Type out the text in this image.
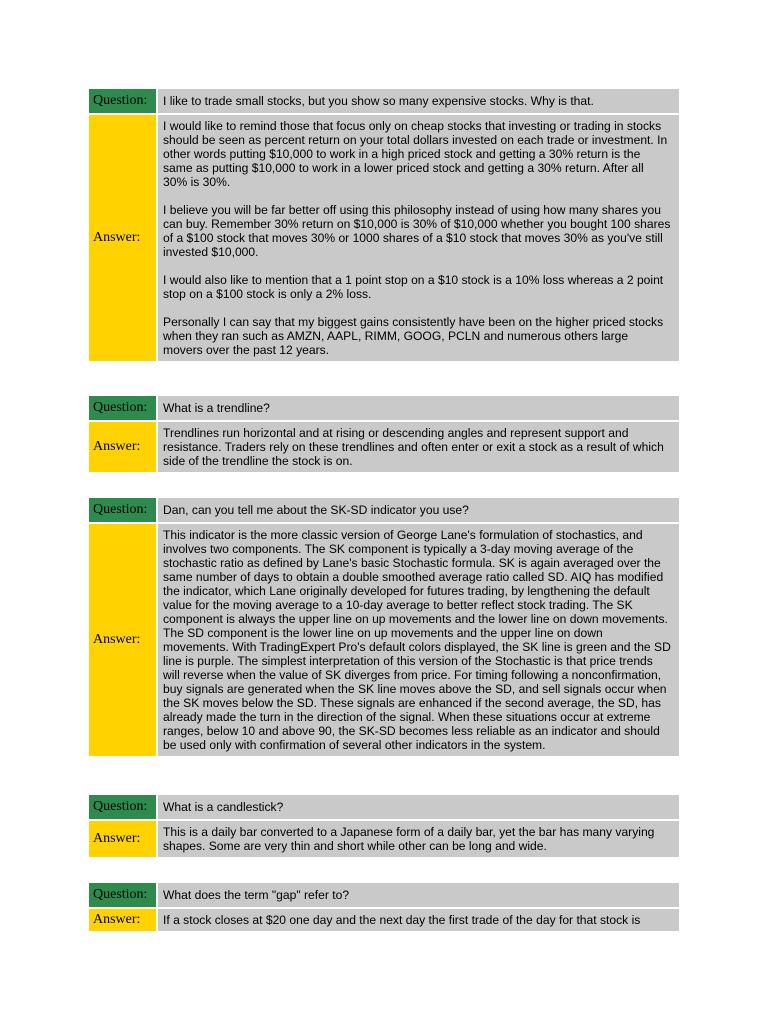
Question:	I like to trade small stocks, but you show so many expensive stocks. Why is that.
Answer:

I would like to remind those that focus only on cheap stocks that investing or trading in stocks should be seen as percent return on your total dollars invested on each trade or investment. In other words putting $10,000 to work in a high priced stock and getting a 30% return is the same as putting $10,000 to work in a lower priced stock and getting a 30% return. After all 30% is 30%.

I believe you will be far better off using this philosophy instead of using how many shares you can buy. Remember 30% return on $10,000 is 30% of $10,000 whether you bought 100 shares of a $100 stock that moves 30% or 1000 shares of a $10 stock that moves 30% as you've still invested $10,000.

I would also like to mention that a 1 point stop on a $10 stock is a 10% loss whereas a 2 point stop on a $100 stock is only a 2% loss.

Personally I can say that my biggest gains consistently have been on the higher priced stocks when they ran such as AMZN, AAPL, RIMM, GOOG, PCLN and numerous others large movers over the past 12 years.

Question:	What is a trendline?
Answer:

Trendlines run horizontal and at rising or descending angles and represent support and resistance. Traders rely on these trendlines and often enter or exit a stock as a result of which side of the trendline the stock is on.

Question:	Dan, can you tell me about the SK-SD indicator you use?
Answer:

This indicator is the more classic version of George Lane's formulation of stochastics, and involves two components. The SK component is typically a 3-day moving average of the stochastic ratio as defined by Lane's basic Stochastic formula. SK is again averaged over the same number of days to obtain a double smoothed average ratio called SD. AIQ has modified the indicator, which Lane originally developed for futures trading, by lengthening the default value for the moving average to a 10-day average to better reflect stock trading. The SK component is always the upper line on up movements and the lower line on down movements. The SD component is the lower line on up movements and the upper line on down movements. With TradingExpert Pro's default colors displayed, the SK line is green and the SD line is purple. The simplest interpretation of this version of the Stochastic is that price trends will reverse when the value of SK diverges from price. For timing following a nonconfirmation, buy signals are generated when the SK line moves above the SD, and sell signals occur when the SK moves below the SD. These signals are enhanced if the second average, the SD, has already made the turn in the direction of the signal. When these situations occur at extreme ranges, below 10 and above 90, the SK-SD becomes less reliable as an indicator and should be used only with confirmation of several other indicators in the system.

Question:	What is a candlestick?
Answer:	This is a daily bar converted to a Japanese form of a daily bar, yet the bar has many varying shapes. Some are very thin and short while other can be long and wide.

Question:	What does the term "gap" refer to?
Answer:	If a stock closes at $20 one day and the next day the first trade of the day for that stock is
